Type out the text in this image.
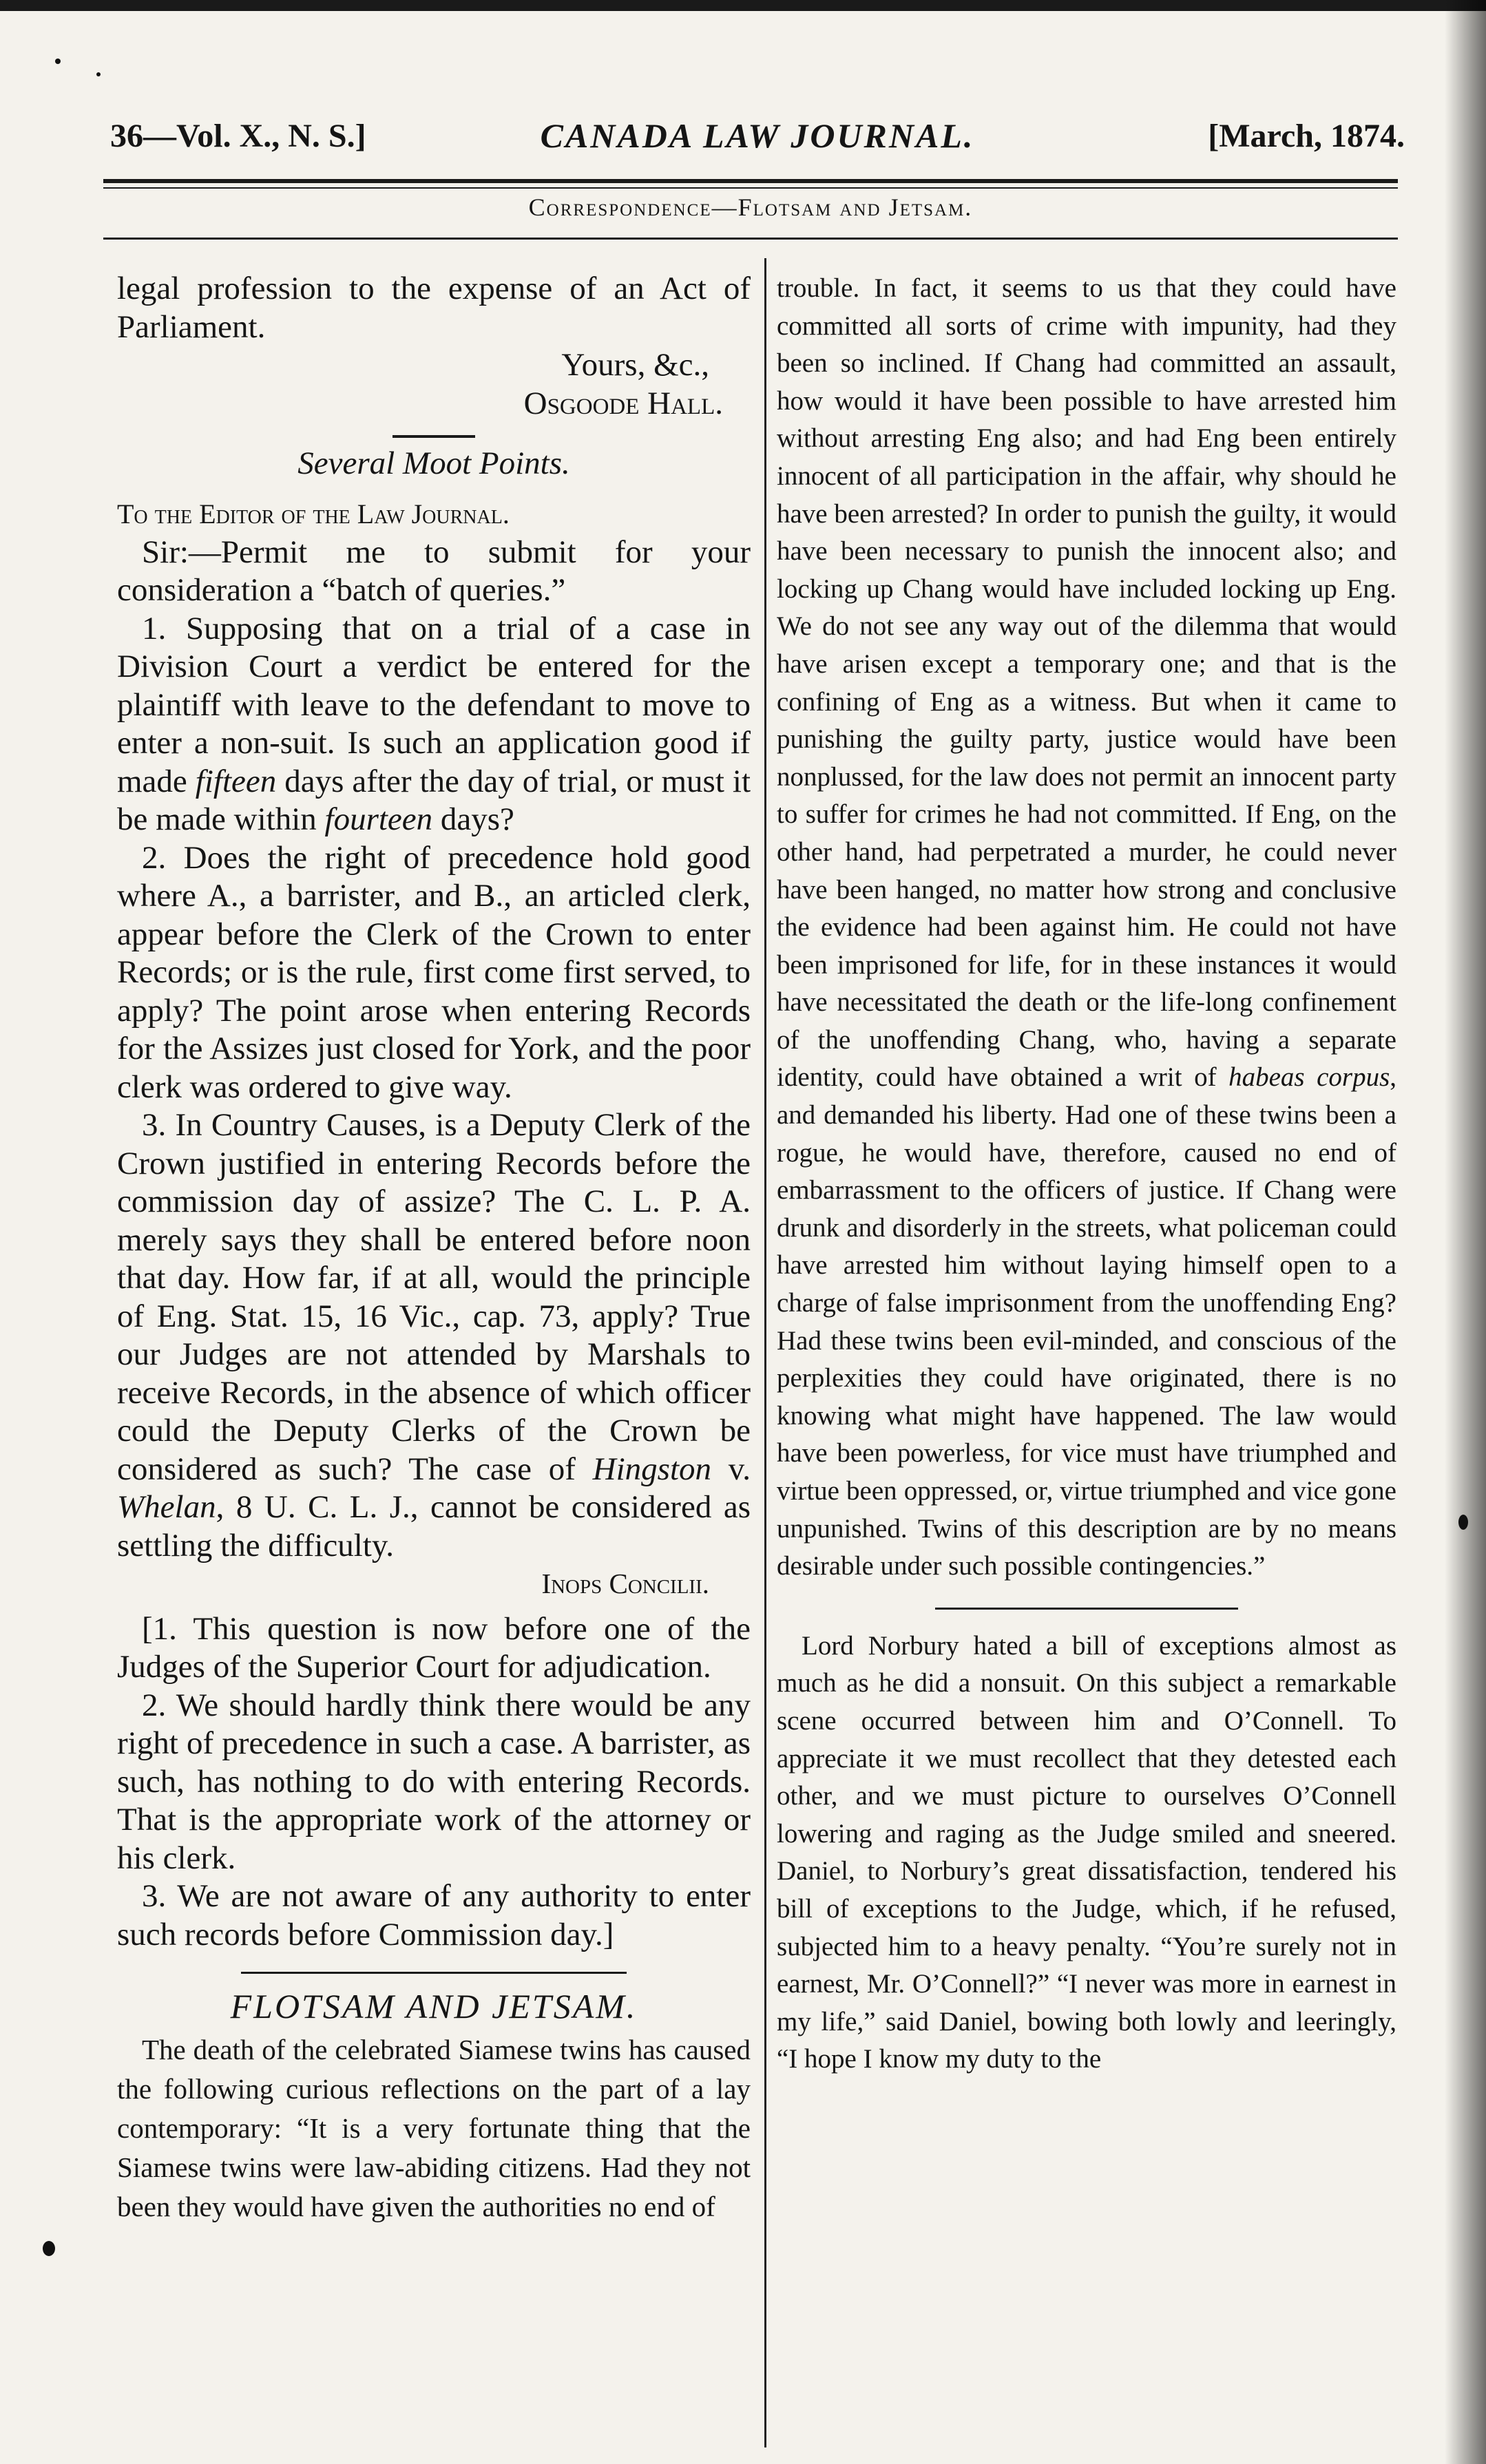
36—Vol. X., N. S.]	CANADA LAW JOURNAL.	[March, 1874.
Correspondence—Flotsam and Jetsam.

legal profession to the expense of an Act of Parliament.

Yours, &c.,

Osgoode Hall.

Several Moot Points.

To the Editor of the Law Journal.

Sir:—Permit me to submit for your consideration a “batch of queries.”

1. Supposing that on a trial of a case in Division Court a verdict be entered for the plaintiff with leave to the defendant to move to enter a non-suit. Is such an application good if made fifteen days after the day of trial, or must it be made within fourteen days?

2. Does the right of precedence hold good where A., a barrister, and B., an articled clerk, appear before the Clerk of the Crown to enter Records; or is the rule, first come first served, to apply? The point arose when entering Records for the Assizes just closed for York, and the poor clerk was ordered to give way.

3. In Country Causes, is a Deputy Clerk of the Crown justified in entering Records before the commission day of assize? The C. L. P. A. merely says they shall be entered before noon that day. How far, if at all, would the principle of Eng. Stat. 15, 16 Vic., cap. 73, apply? True our Judges are not attended by Marshals to receive Records, in the absence of which officer could the Deputy Clerks of the Crown be considered as such? The case of Hingston v. Whelan, 8 U. C. L. J., cannot be considered as settling the difficulty.

Inops Concilii.

[1. This question is now before one of the Judges of the Superior Court for adjudication.

2. We should hardly think there would be any right of precedence in such a case. A barrister, as such, has nothing to do with entering Records. That is the appropriate work of the attorney or his clerk.

3. We are not aware of any authority to enter such records before Commission day.]

FLOTSAM AND JETSAM.

The death of the celebrated Siamese twins has caused the following curious reflections on the part of a lay contemporary: “It is a very fortunate thing that the Siamese twins were law-abiding citizens. Had they not been they would have given the authorities no end of

trouble. In fact, it seems to us that they could have committed all sorts of crime with impunity, had they been so inclined. If Chang had committed an assault, how would it have been possible to have arrested him without arresting Eng also; and had Eng been entirely innocent of all participation in the affair, why should he have been arrested? In order to punish the guilty, it would have been necessary to punish the innocent also; and locking up Chang would have included locking up Eng. We do not see any way out of the dilemma that would have arisen except a temporary one; and that is the confining of Eng as a witness. But when it came to punishing the guilty party, justice would have been nonplussed, for the law does not permit an innocent party to suffer for crimes he had not committed. If Eng, on the other hand, had perpetrated a murder, he could never have been hanged, no matter how strong and conclusive the evidence had been against him. He could not have been imprisoned for life, for in these instances it would have necessitated the death or the life-long confinement of the unoffending Chang, who, having a separate identity, could have obtained a writ of habeas corpus, and demanded his liberty. Had one of these twins been a rogue, he would have, therefore, caused no end of embarrassment to the officers of justice. If Chang were drunk and disorderly in the streets, what policeman could have arrested him without laying himself open to a charge of false imprisonment from the unoffending Eng? Had these twins been evil-minded, and conscious of the perplexities they could have originated, there is no knowing what might have happened. The law would have been powerless, for vice must have triumphed and virtue been oppressed, or, virtue triumphed and vice gone unpunished. Twins of this description are by no means desirable under such possible contingencies.”

Lord Norbury hated a bill of exceptions almost as much as he did a nonsuit. On this subject a remarkable scene occurred between him and O’Connell. To appreciate it we must recollect that they detested each other, and we must picture to ourselves O’Connell lowering and raging as the Judge smiled and sneered. Daniel, to Norbury’s great dissatisfaction, tendered his bill of exceptions to the Judge, which, if he refused, subjected him to a heavy penalty. “You’re surely not in earnest, Mr. O’Connell?” “I never was more in earnest in my life,” said Daniel, bowing both lowly and leeringly, “I hope I know my duty to the
